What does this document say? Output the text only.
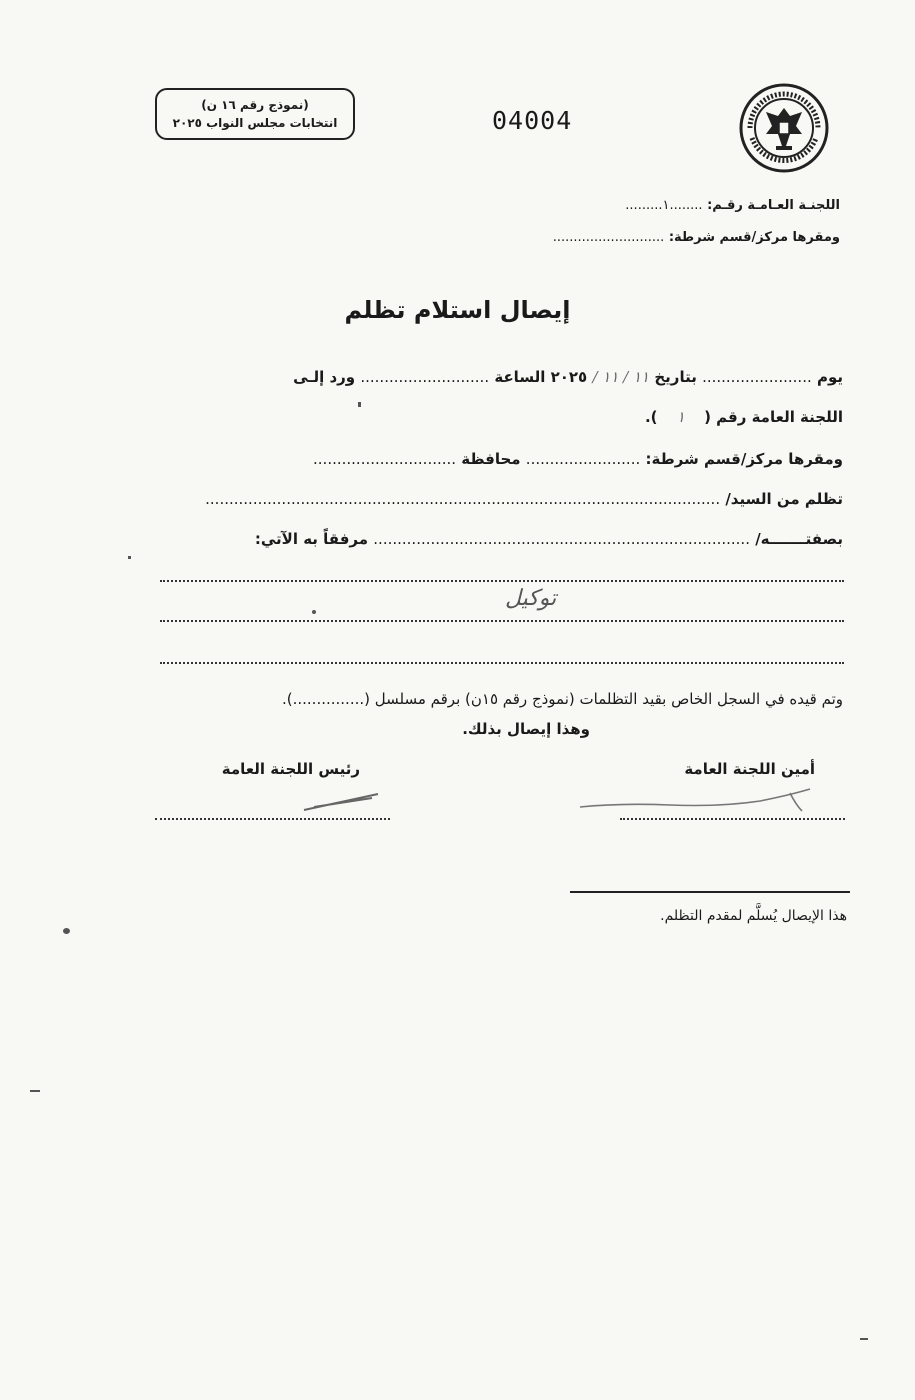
(نموذج رقم ١٦ ن)
انتخابات مجلس النواب ٢٠٢٥	04004
اللجنـة العـامـة رقـم: ........١.........
ومقرها مركز/قسم شرطة: ...........................
إيصال استلام تظلم
يوم ....................... بتاريخ ١١ / ١١ / ٢٠٢٥ الساعة ........................... ورد إلـى
اللجنة العامة رقم ( ١ ).
ومقرها مركز/قسم شرطة: ........................ محافظة ..............................
تظلم من السيد/ ............................................................................................................
بصفتـــــــه/ ............................................................................... مرفقاً به الآتي:
توكيل
وتم قيده في السجل الخاص بقيد التظلمات (نموذج رقم ١٥ن) برقم مسلسل (...............).
وهذا إيصال بذلك.
أمين اللجنة العامة
رئيس اللجنة العامة
هذا الإيصال يُسلَّم لمقدم التظلم.
